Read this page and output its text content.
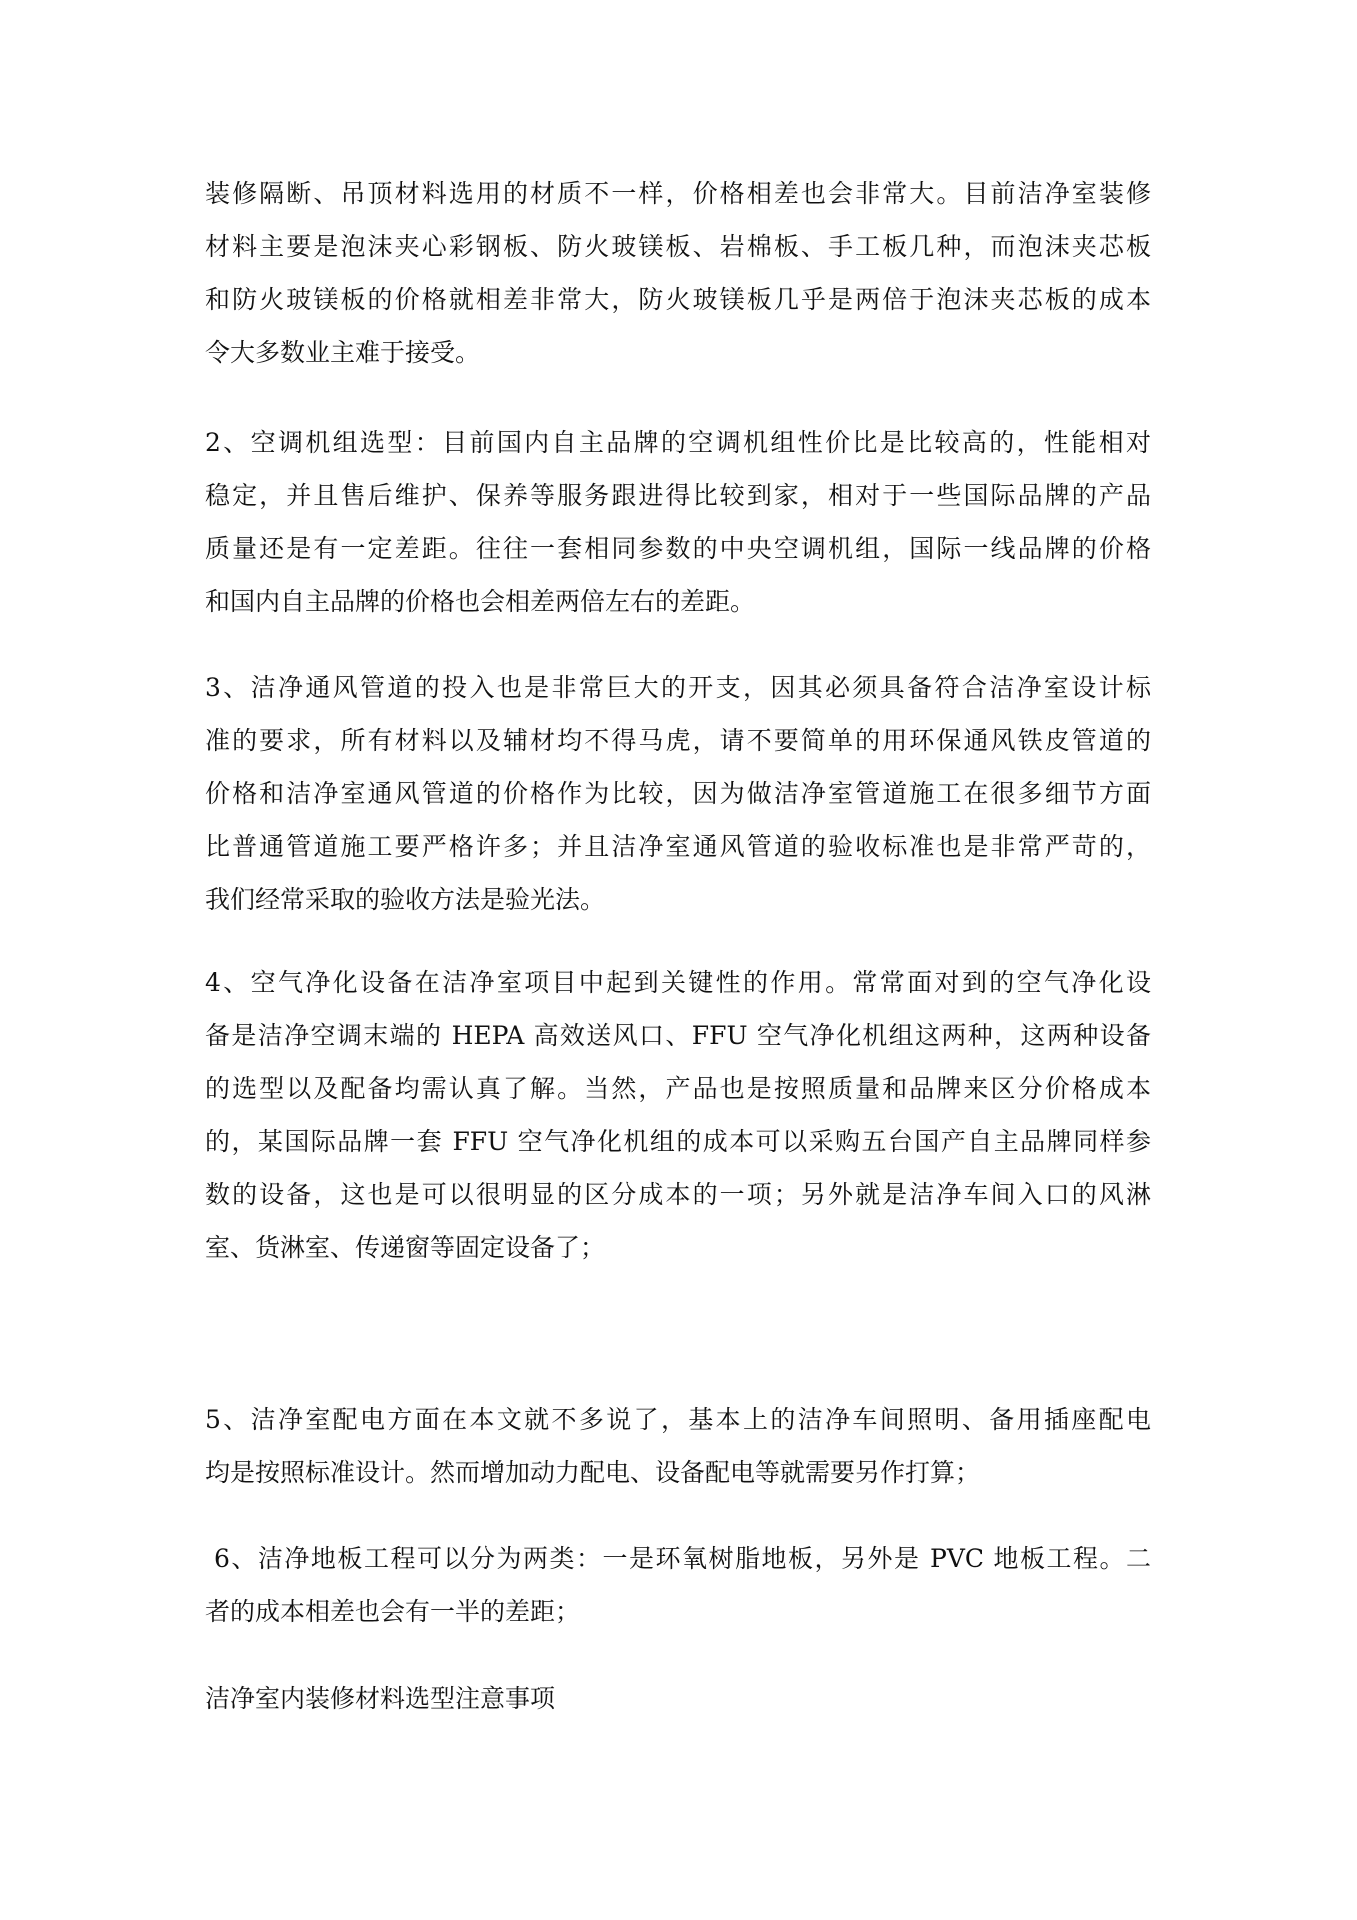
装修隔断、吊顶材料选用的材质不一样，价格相差也会非常大。目前洁净室装修
材料主要是泡沫夹心彩钢板、防火玻镁板、岩棉板、手工板几种，而泡沫夹芯板
和防火玻镁板的价格就相差非常大，防火玻镁板几乎是两倍于泡沫夹芯板的成本
令大多数业主难于接受。
2、空调机组选型：目前国内自主品牌的空调机组性价比是比较高的，性能相对
稳定，并且售后维护、保养等服务跟进得比较到家，相对于一些国际品牌的产品
质量还是有一定差距。往往一套相同参数的中央空调机组，国际一线品牌的价格
和国内自主品牌的价格也会相差两倍左右的差距。
3、洁净通风管道的投入也是非常巨大的开支，因其必须具备符合洁净室设计标
准的要求，所有材料以及辅材均不得马虎，请不要简单的用环保通风铁皮管道的
价格和洁净室通风管道的价格作为比较，因为做洁净室管道施工在很多细节方面
比普通管道施工要严格许多；并且洁净室通风管道的验收标准也是非常严苛的，
我们经常采取的验收方法是验光法。
4、空气净化设备在洁净室项目中起到关键性的作用。常常面对到的空气净化设
备是洁净空调末端的 HEPA 高效送风口、FFU 空气净化机组这两种，这两种设备
的选型以及配备均需认真了解。当然，产品也是按照质量和品牌来区分价格成本
的，某国际品牌一套 FFU 空气净化机组的成本可以采购五台国产自主品牌同样参
数的设备，这也是可以很明显的区分成本的一项；另外就是洁净车间入口的风淋
室、货淋室、传递窗等固定设备了；
5、洁净室配电方面在本文就不多说了，基本上的洁净车间照明、备用插座配电
均是按照标准设计。然而增加动力配电、设备配电等就需要另作打算；
6、洁净地板工程可以分为两类：一是环氧树脂地板，另外是 PVC 地板工程。二
者的成本相差也会有一半的差距；
洁净室内装修材料选型注意事项
